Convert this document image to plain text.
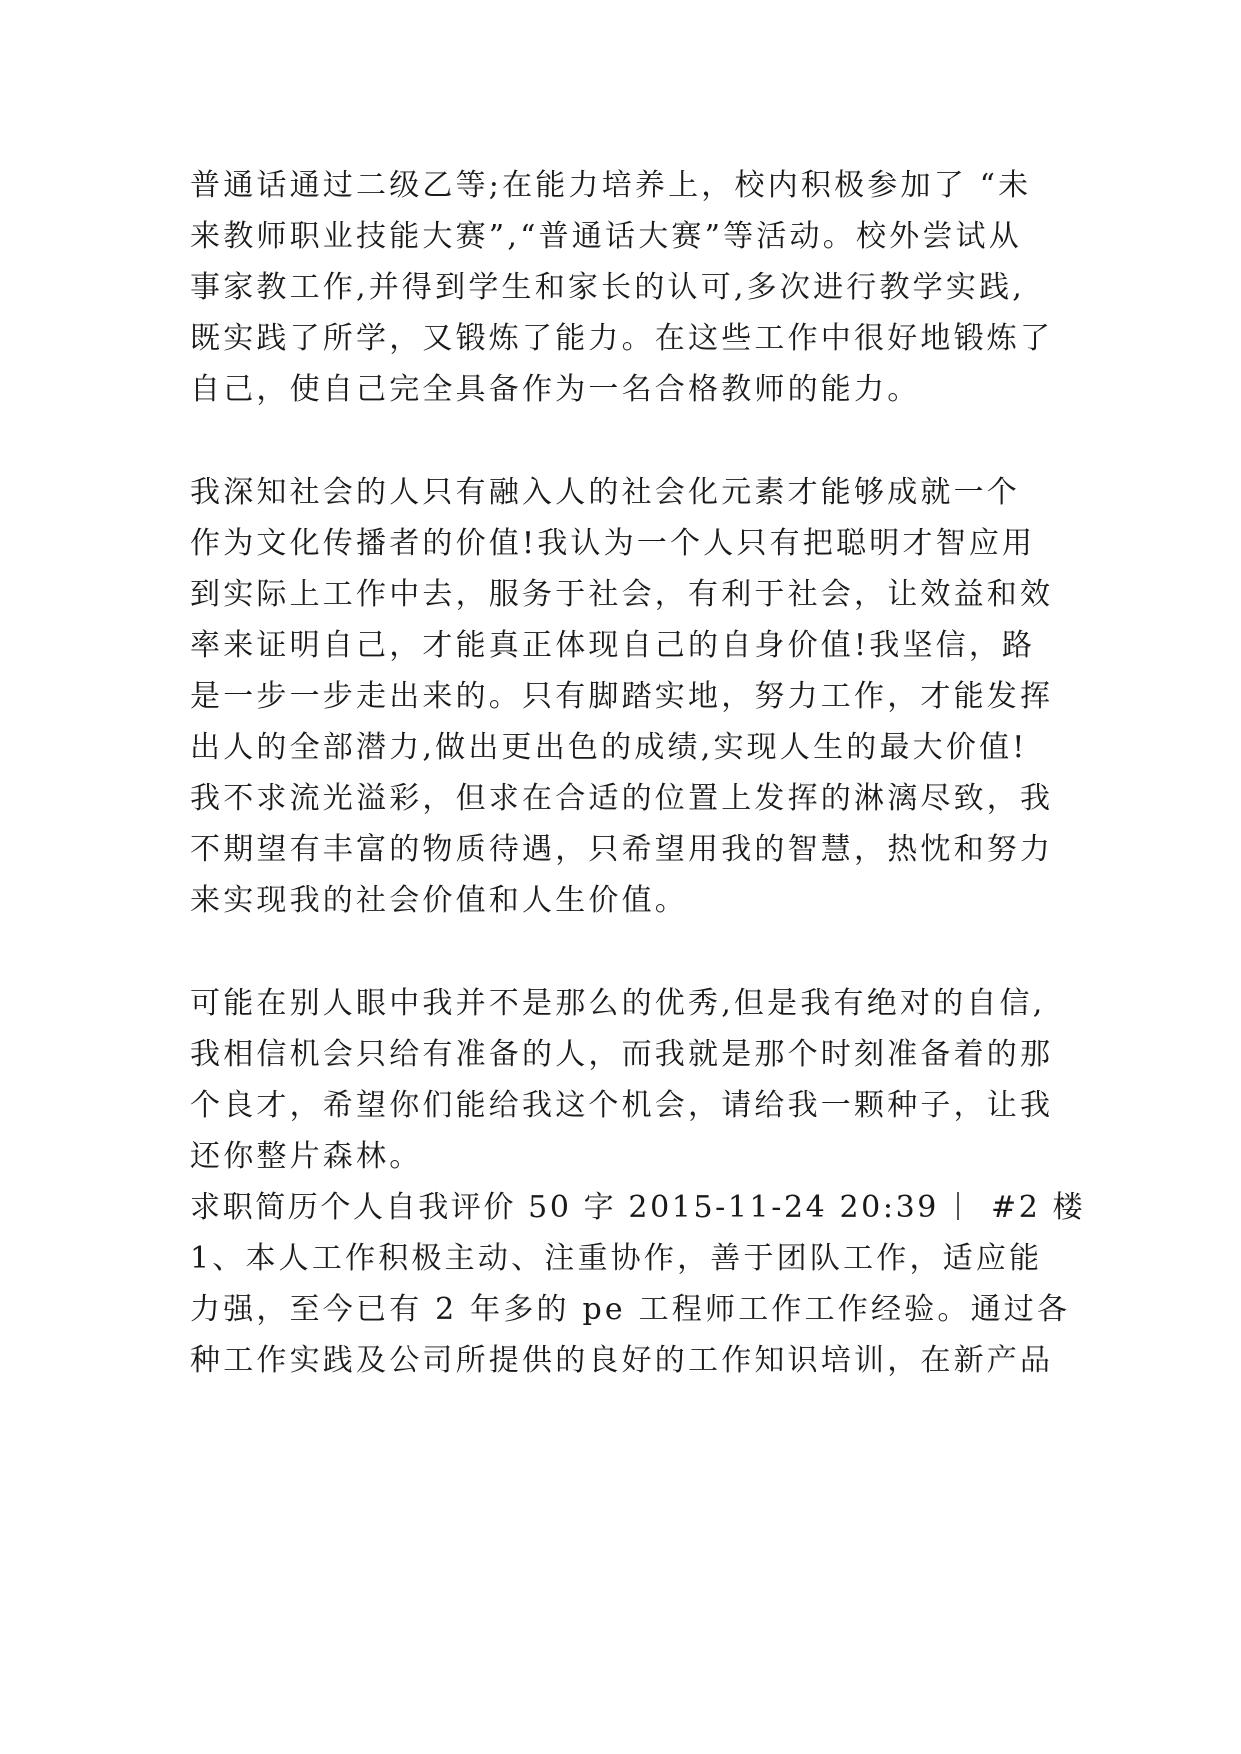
普通话通过二级乙等;在能力培养上，校内积极参加了 “未
来教师职业技能大赛”,“普通话大赛”等活动。校外尝试从
事家教工作,并得到学生和家长的认可,多次进行教学实践,
既实践了所学，又锻炼了能力。在这些工作中很好地锻炼了
自己，使自己完全具备作为一名合格教师的能力。
我深知社会的人只有融入人的社会化元素才能够成就一个
作为文化传播者的价值!我认为一个人只有把聪明才智应用
到实际上工作中去，服务于社会，有利于社会，让效益和效
率来证明自己，才能真正体现自己的自身价值!我坚信，路
是一步一步走出来的。只有脚踏实地，努力工作，才能发挥
出人的全部潜力,做出更出色的成绩,实现人生的最大价值!
我不求流光溢彩，但求在合适的位置上发挥的淋漓尽致，我
不期望有丰富的物质待遇，只希望用我的智慧，热忱和努力
来实现我的社会价值和人生价值。
可能在别人眼中我并不是那么的优秀,但是我有绝对的自信,
我相信机会只给有准备的人，而我就是那个时刻准备着的那
个良才，希望你们能给我这个机会，请给我一颗种子，让我
还你整片森林。
求职简历个人自我评价 50 字 2015-11-24 20:39 #2 楼
1、本人工作积极主动、注重协作，善于团队工作，适应能
力强，至今已有 2 年多的 pe 工程师工作工作经验。通过各
种工作实践及公司所提供的良好的工作知识培训，在新产品
